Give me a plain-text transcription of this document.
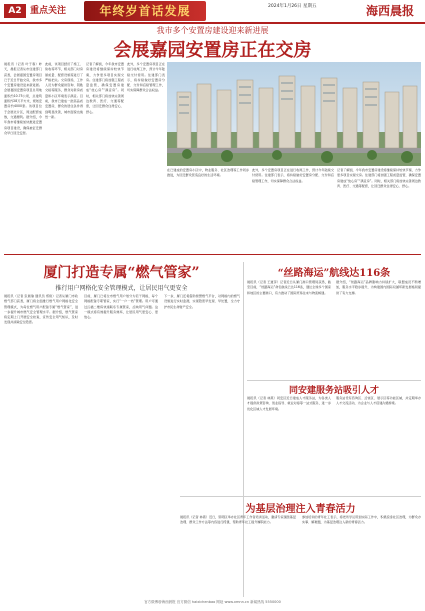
A2 重点关注	年终岁首话发展	2024年1月26日 星期五	海西晨报
我市多个安置房建设迎来新进展
会展嘉园安置房正在交房
晨报讯（记者 叶子春）昨天，晨报记者从市住建部门获悉，会展嘉园安置房项目已于近日开始交房，我市多个安置房建设迎来新进展。会展嘉园安置房项目总用地面积约10.75公顷，总建筑面积约28万平方米，规划安置房约4000套。该项目位于会展北片区，周边配套成熟，交通便利。据介绍，今年我市将继续加快推进安置房项目建设，确保被征迁群众早日回迁安居。
此前，该项目经历了施工、验收等环节，相关部门对房屋质量、配套设施等进行了严格把关。交房现场，工作人员为群众提供咨询、钥匙交接等服务，群众对新房质量和小区环境表示满意。目前，我市已建成一批高品质安置房，群众的居住条件得到明显改善，城市面貌也焕然一新。
记者了解到，今年我市安置房建设将继续保持较快节奏，力争更多项目实现交房。住建部门将加强工程质量监管，确保安置房建成“放心房”“满意房”。同时，相关部门将加快完善周边教育、医疗、交通等配套，让回迁群众住得安心、舒心。
此外，多个安置房项目正在进行收尾工作，预计今年陆续交付使用。住建部门表示，将持续做好安置房分配、交付和后续管理工作，切实保障群众合法权益。
在已建成的安置房小区中，物业服务、社区治理等工作同步推进，为回迁群众营造良好的生活环境。
此外，多个安置房项目正在进行收尾工作，预计今年陆续交付使用。住建部门表示，将持续做好安置房分配、交付和后续管理工作，切实保障群众合法权益。
记者了解到，今年我市安置房建设将继续保持较快节奏，力争更多项目实现交房。住建部门将加强工程质量监管，确保安置房建成“放心房”“满意房”。同时，相关部门将加快完善周边教育、医疗、交通等配套，让回迁群众住得安心、舒心。
厦门打造专属“燃气管家”
推行用户网格化安全管理模式，让居民用气更安全
晨报讯（记者 张晨瑜 通讯员 郑艳）记者从厦门市政燃气部门获悉，厦门将全面推行燃气用户网格化安全管理模式，为每位燃气用户配备专属“燃气管家”，进一步提升城市燃气安全管理水平。据介绍，燃气管家将定期上门开展安全检查，宣传安全用气知识，及时发现并消除安全隐患。
目前，厦门已将全市燃气用户划分为若干网格，每个网格配备专职管家，实行“一户一档”管理。用户可通过扫描二维码快速联系专属管家，反映用气问题。这一模式将有效提升服务效率，让居民用气更安心、更放心。
下一步，厦门还将借助智慧燃气平台，对网格内的燃气设施进行实时监测，实现隐患早发现、早处置，全力守护市民生命财产安全。
“丝路海运”航线达116条
晨报讯（记者 王道萍）记者近日从厦门港口管理局获悉，截至目前，“丝路海运”命名航线已达116条，通达全球多个国家和地区的主要港口，有力推动了国际贸易往来与物流畅通。
据介绍，“丝路海运”品牌影响力持续扩大，联盟成员不断增加，服务水平稳步提升，为构建国内国际双循环新发展格局提供了有力支撑。
同安建服务站吸引人才
晨报讯（记者 林燕）同安区近日建成人才服务站，为各类人才提供政策咨询、创业指导、就业对接等一站式服务，进一步优化区域人才发展环境。
服务站设有咨询区、洽谈区、展示区等功能区域，并定期举办人才交流活动，为企业与人才搭建沟通桥梁。
为基层治理注入青春活力
晨报讯（记者 林燕）近日，思明区举办社区青年工作者培训活动，邀请专家围绕基层治理、群众工作方法等内容进行授课，帮助青年社工提升履职能力。
参加培训的青年社工表示，将把所学运用到实际工作中，积极投身社区治理，为群众办实事、解难题，为基层治理注入新的青春活力。
官方微博@海西晨报 官方微信 haixichenbao 网址 www.xmnn.cn 新闻热线 5550000
